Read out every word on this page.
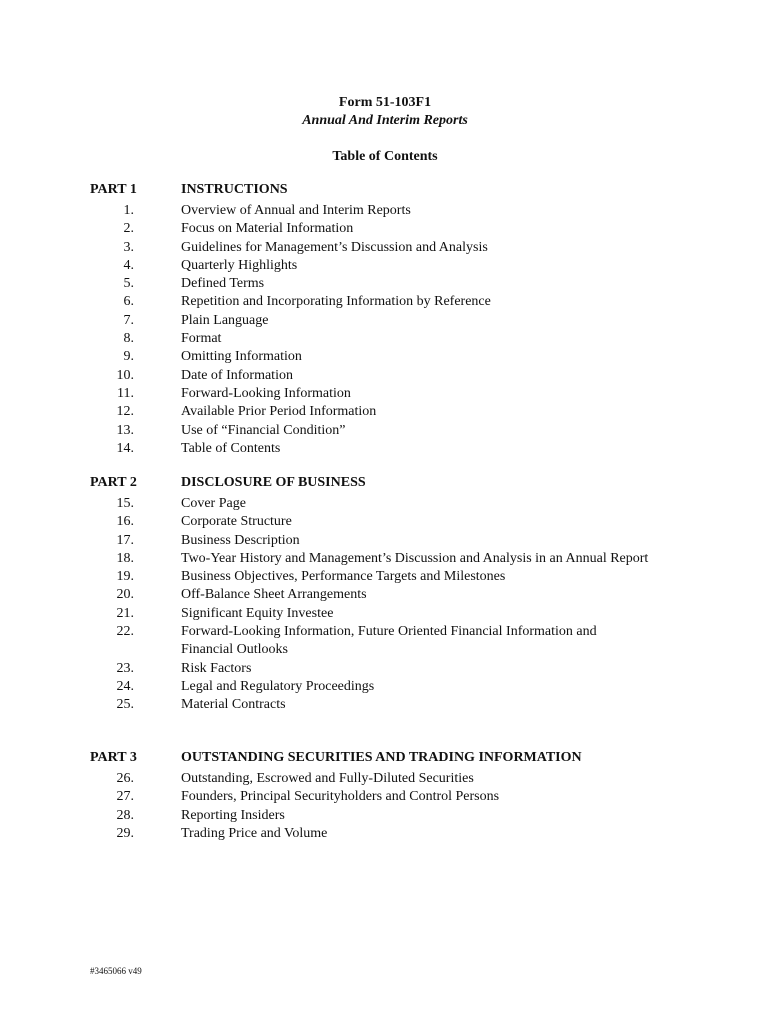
Form 51-103F1
Annual And Interim Reports
Table of Contents
PART 1	INSTRUCTIONS
1.	Overview of Annual and Interim Reports
2.	Focus on Material Information
3.	Guidelines for Management’s Discussion and Analysis
4.	Quarterly Highlights
5.	Defined Terms
6.	Repetition and Incorporating Information by Reference
7.	Plain Language
8.	Format
9.	Omitting Information
10.	Date of Information
11.	Forward-Looking Information
12.	Available Prior Period Information
13.	Use of “Financial Condition”
14.	Table of Contents
PART 2	DISCLOSURE OF BUSINESS
15.	Cover Page
16.	Corporate Structure
17.	Business Description
18.	Two-Year History and Management’s Discussion and Analysis in an Annual Report
19.	Business Objectives, Performance Targets and Milestones
20.	Off-Balance Sheet Arrangements
21.	Significant Equity Investee
22.	Forward-Looking Information, Future Oriented Financial Information and Financial Outlooks
23.	Risk Factors
24.	Legal and Regulatory Proceedings
25.	Material Contracts
PART 3	OUTSTANDING SECURITIES AND TRADING INFORMATION
26.	Outstanding, Escrowed and Fully-Diluted Securities
27.	Founders, Principal Securityholders and Control Persons
28.	Reporting Insiders
29.	Trading Price and Volume
#3465066 v49
